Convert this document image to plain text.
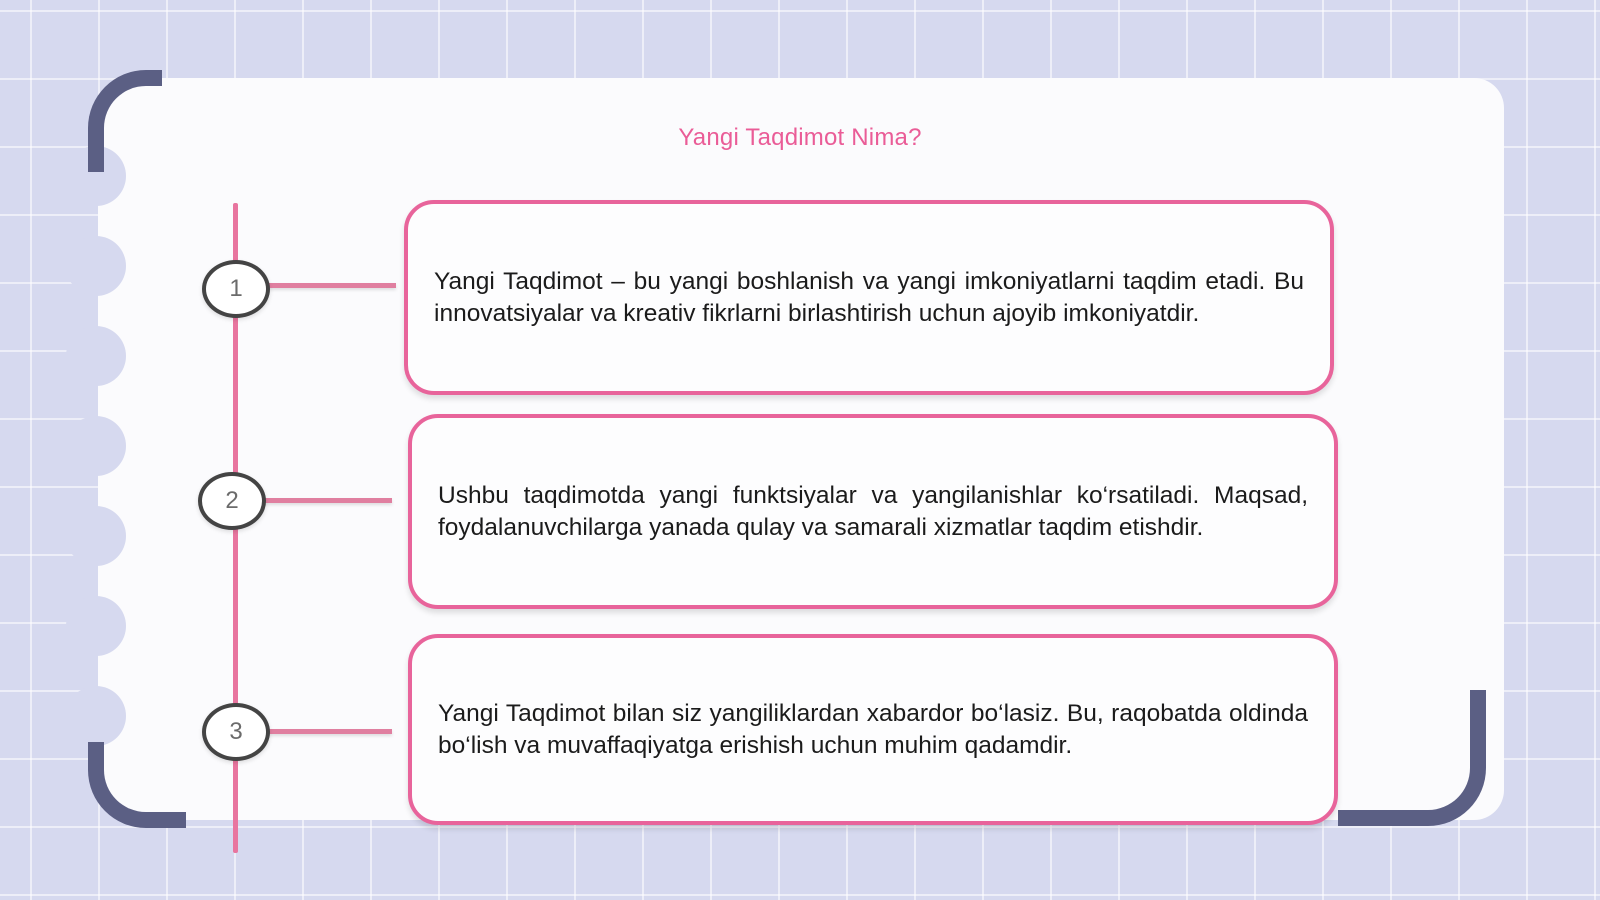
Yangi Taqdimot Nima?
1
2
3

Yangi Taqdimot – bu yangi boshlanish va yangi imkoniyatlarni taqdim etadi. Bu innovatsiyalar va kreativ fikrlarni birlashtirish uchun ajoyib imkoniyatdir.

Ushbu taqdimotda yangi funktsiyalar va yangilanishlar ko‘rsatiladi. Maqsad, foydalanuvchilarga yanada qulay va samarali xizmatlar taqdim etishdir.

Yangi Taqdimot bilan siz yangiliklardan xabardor bo‘lasiz. Bu, raqobatda oldinda bo‘lish va muvaffaqiyatga erishish uchun muhim qadamdir.
